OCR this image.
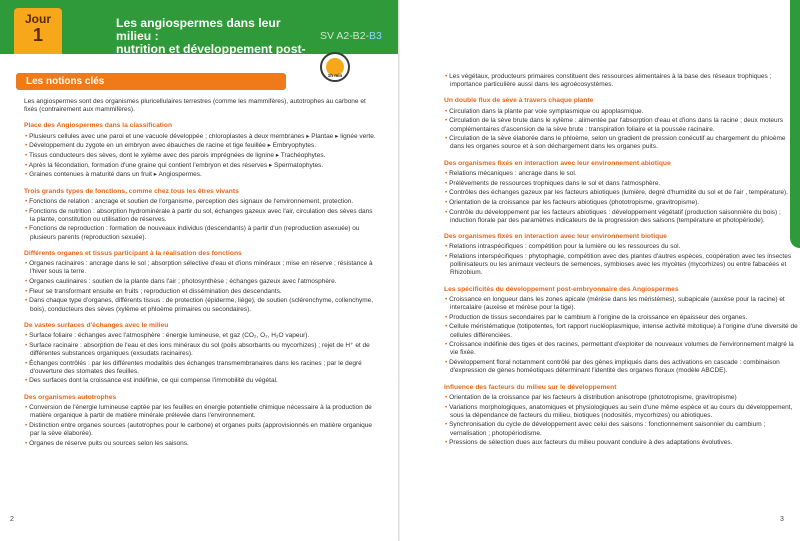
Jour
1
Les angiospermes dans leur milieu :
nutrition et développement post-embryonnaire
SV A2-B2-B3
1h min
Les notions clés
Les angiospermes sont des organismes pluricellulaires terrestres (comme les mammifères), autotrophes au carbone et fixés (contrairement aux mammifères).
Place des Angiospermes dans la classification
• Plusieurs cellules avec une paroi et une vacuole développée ; chloroplastes à deux membranes ▸ Plantae ▸ lignée verte.
• Développement du zygote en un embryon avec ébauches de racine et tige feuillée ▸ Embryophytes.
• Tissus conducteurs des sèves, dont le xylème avec des parois imprégnées de lignine ▸ Trachéophytes.
• Après la fécondation, formation d'une graine qui contient l'embryon et des réserves ▸ Spermatophytes.
• Graines contenues à maturité dans un fruit ▸ Angiospermes.
Trois grands types de fonctions, comme chez tous les êtres vivants
• Fonctions de relation : ancrage et soutien de l'organisme, perception des signaux de l'environnement, protection.
• Fonctions de nutrition : absorption hydrominérale à partir du sol, échanges gazeux avec l'air, circulation des sèves dans la plante, constitution ou utilisation de réserves.
• Fonctions de reproduction : formation de nouveaux individus (descendants) à partir d'un (reproduction asexuée) ou plusieurs parents (reproduction sexuée).
Différents organes et tissus participant à la réalisation des fonctions
• Organes racinaires : ancrage dans le sol ; absorption sélective d'eau et d'ions minéraux ; mise en réserve ; résistance à l'hiver sous la terre.
• Organes caulinaires : soutien de la plante dans l'air ; photosynthèse ; échanges gazeux avec l'atmosphère.
• Fleur se transformant ensuite en fruits ; reproduction et dissémination des descendants.
• Dans chaque type d'organes, différents tissus : de protection (épiderme, liège), de soutien (sclérenchyme, collenchyme, bois), conducteurs des sèves (xylème et phloème primaires ou secondaires).
De vastes surfaces d'échanges avec le milieu
• Surface foliaire : échanges avec l'atmosphère : énergie lumineuse, et gaz (CO₂, O₂, H₂O vapeur).
• Surface racinaire : absorption de l'eau et des ions minéraux du sol (poils absorbants ou mycorhizes) ; rejet de H⁺ et de différentes substances organiques (exsudats racinaires).
• Échanges contrôlés : par les différentes modalités des échanges transmembranaires dans les racines ; par le degré d'ouverture des stomates des feuilles.
• Des surfaces dont la croissance est indéfinie, ce qui compense l'immobilité du végétal.
Des organismes autotrophes
• Conversion de l'énergie lumineuse captée par les feuilles en énergie potentielle chimique nécessaire à la production de matière organique à partir de matière minérale prélevée dans l'environnement.
• Distinction entre organes sources (autotrophes pour le carbone) et organes puits (approvisionnés en matière organique par la sève élaborée).
• Organes de réserve puits ou sources selon les saisons.
• Les végétaux, producteurs primaires constituent des ressources alimentaires à la base des réseaux trophiques ; importance particulière aussi dans les agroécosystèmes.
Un double flux de sève à travers chaque plante
• Circulation dans la plante par voie symplasmique ou apoplasmique.
• Circulation de la sève brute dans le xylème : alimentée par l'absorption d'eau et d'ions dans la racine ; deux moteurs complémentaires d'ascension de la sève brute : transpiration foliaire et la poussée racinaire.
• Circulation de la sève élaborée dans le phloème, selon un gradient de pression conécutif au chargement du phloème dans les organes source et à son déchargement dans les organes puits.
Des organismes fixés en interaction avec leur environnement abiotique
• Relations mécaniques : ancrage dans le sol.
• Prélèvements de ressources trophiques dans le sol et dans l'atmosphère.
• Contrôles des échanges gazeux par les facteurs abiotiques (lumière, degré d'humidité du sol et de l'air , température).
• Orientation de la croissance par les facteurs abiotiques (phototropisme, gravitropisme).
• Contrôle du développement par les facteurs abiotiques : développement végétatif (production saisonnière du bois) ; induction florale par des paramètres indicateurs de la progression des saisons (température et photopériode).
Des organismes fixés en interaction avec leur environnement biotique
• Relations intraspécifiques : compétition pour la lumière ou les ressources du sol.
• Relations interspécifiques : phytophagie, compétition avec des plantes d'autres espèces, coopération avec les insectes pollinisateurs ou les animaux vecteurs de semences, symbioses avec les mycètes (mycorhizes) ou entre fabacées et Rhizobium.
Les spécificités du développement post-embryonnaire des Angiospermes
• Croissance en longueur dans les zones apicale (mérèse dans les méristèmes), subapicale (auxèse pour la racine) et intercalaire (auxèse et mérèse pour la tige).
• Production de tissus secondaires par le cambium à l'origine de la croissance en épaisseur des organes.
• Cellule méristématique (totipotentes, fort rapport nucléoplasmique, intense activité mitotique) à l'origine d'une diversité de cellules différenciées.
• Croissance indéfinie des tiges et des racines, permettant d'exploiter de nouveaux volumes de l'environnement malgré la vie fixée.
• Développement floral notamment contrôlé par des gènes impliqués dans des activations en cascade : combinaison d'expression de gènes homéotiques déterminant l'identité des organes floraux (modèle ABCDE).
Influence des facteurs du milieu sur le développement
• Orientation de la croissance par les facteurs à distribution anisotrope (phototropisme, gravitropisme)
• Variations morphologiques, anatomiques et physiologiques au sein d'une même espèce et au cours du développement, sous la dépendance de facteurs du milieu, biotiques (nodosités, mycorhizes) ou abiotiques.
• Synchronisation du cycle de développement avec celui des saisons : fonctionnement saisonnier du cambium ; vernalisation ; photopériodisme.
• Pressions de sélection dues aux facteurs du milieu pouvant conduire à des adaptations évolutives.
2	3
